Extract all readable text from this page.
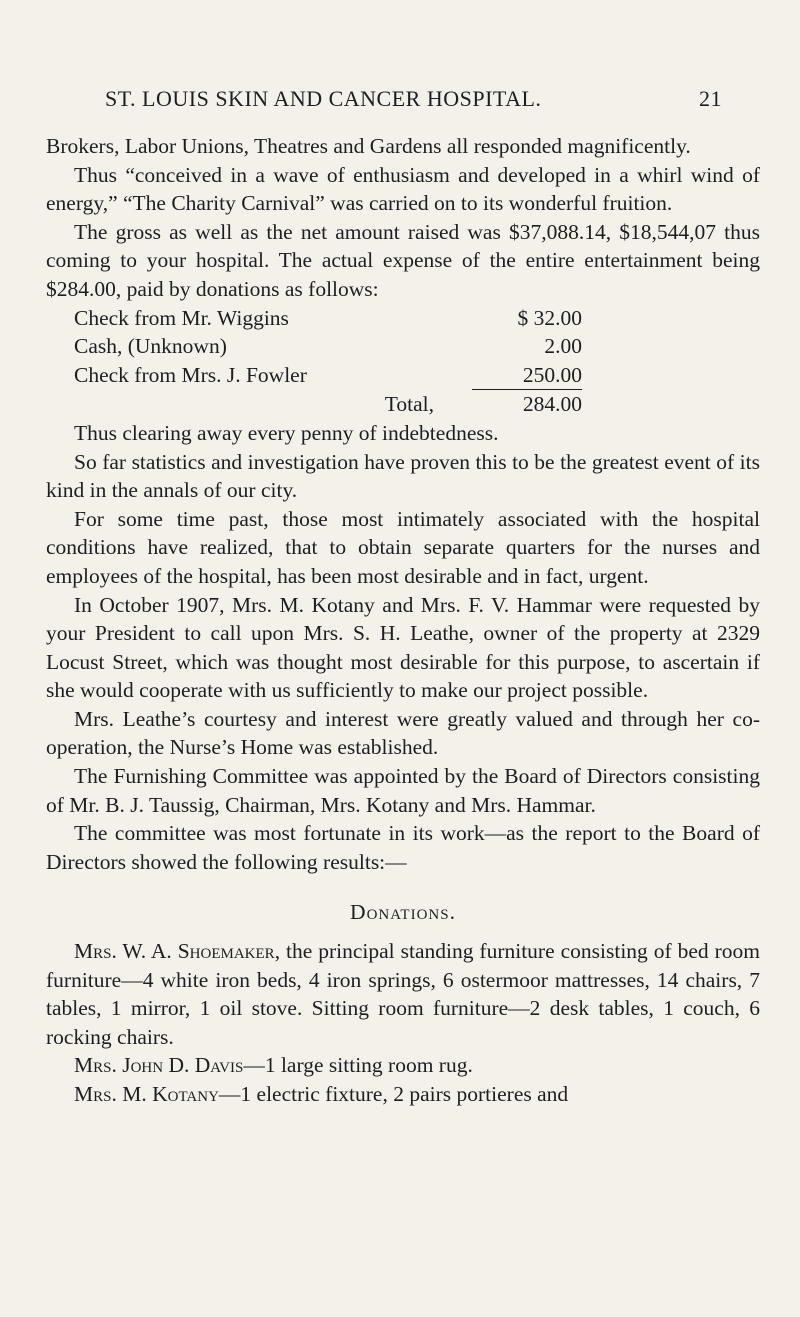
ST. LOUIS SKIN AND CANCER HOSPITAL.	21

Brokers, Labor Unions, Theatres and Gardens all responded magnificently.

Thus “conceived in a wave of enthusiasm and developed in a whirl wind of energy,” “The Charity Carnival” was carried on to its wonderful fruition.

The gross as well as the net amount raised was $37,088.14, $18,544,07 thus coming to your hospital. The actual expense of the entire entertainment being $284.00, paid by donations as follows:

Check from Mr. Wiggins	$ 32.00
Cash, (Unknown)	2.00
Check from Mrs. J. Fowler	250.00
Total,	284.00

Thus clearing away every penny of indebtedness.

So far statistics and investigation have proven this to be the greatest event of its kind in the annals of our city.

For some time past, those most intimately associated with the hospital conditions have realized, that to obtain separate quarters for the nurses and employees of the hospital, has been most desirable and in fact, urgent.

In October 1907, Mrs. M. Kotany and Mrs. F. V. Hammar were requested by your President to call upon Mrs. S. H. Leathe, owner of the property at 2329 Locust Street, which was thought most desirable for this purpose, to ascertain if she would cooperate with us sufficiently to make our project possible.

Mrs. Leathe’s courtesy and interest were greatly valued and through her co-operation, the Nurse’s Home was established.

The Furnishing Committee was appointed by the Board of Directors consisting of Mr. B. J. Taussig, Chairman, Mrs. Kotany and Mrs. Hammar.

The committee was most fortunate in its work—as the report to the Board of Directors showed the following results:—

Donations.

Mrs. W. A. Shoemaker, the principal standing furniture consisting of bed room furniture—4 white iron beds, 4 iron springs, 6 ostermoor mattresses, 14 chairs, 7 tables, 1 mirror, 1 oil stove. Sitting room furniture—2 desk tables, 1 couch, 6 rocking chairs.

Mrs. John D. Davis—1 large sitting room rug.

Mrs. M. Kotany—1 electric fixture, 2 pairs portieres and
